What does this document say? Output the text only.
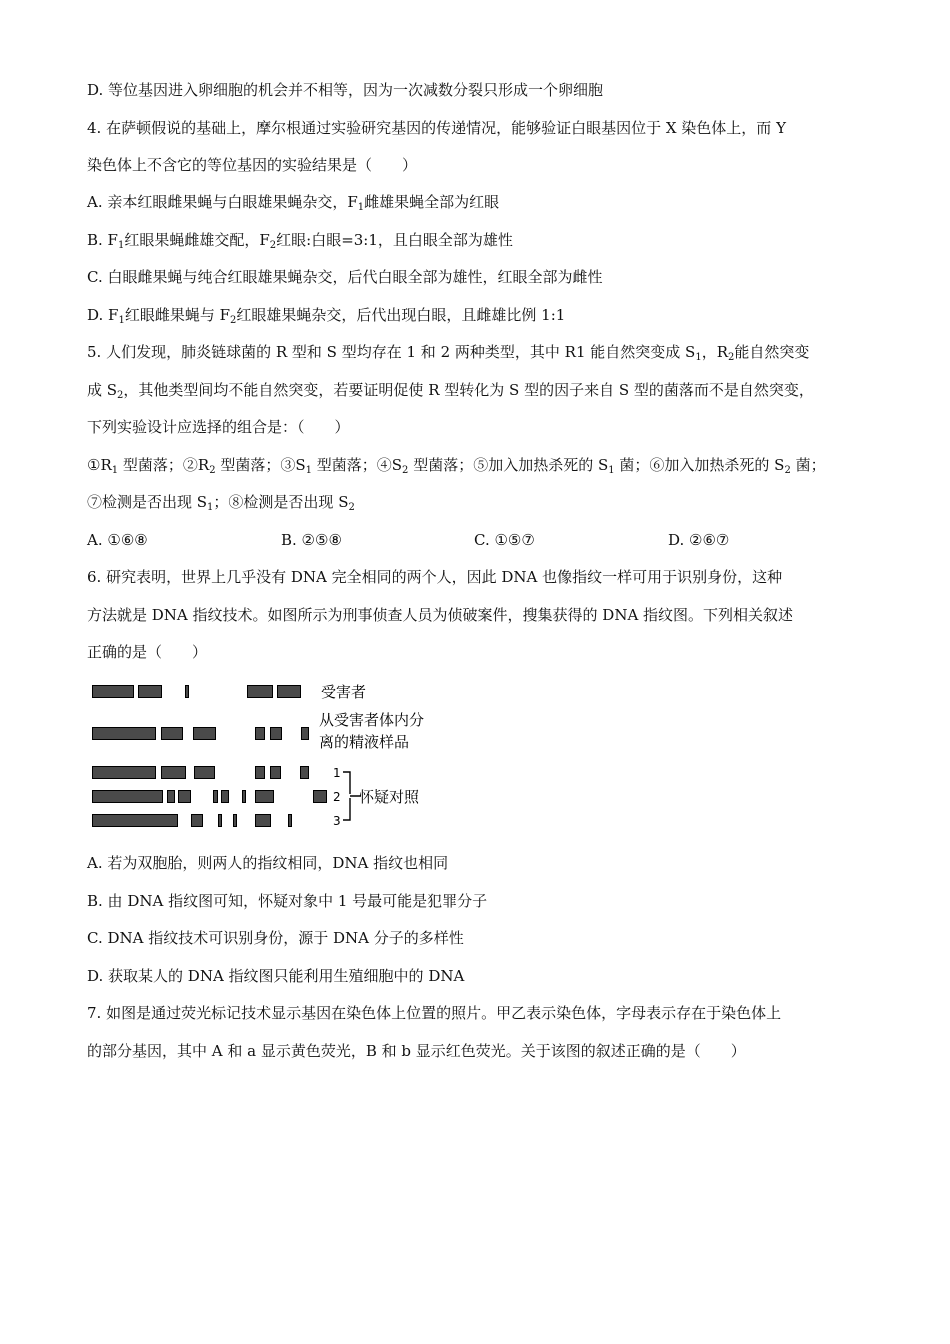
D. 等位基因进入卵细胞的机会并不相等，因为一次减数分裂只形成一个卵细胞
4. 在萨顿假说的基础上，摩尔根通过实验研究基因的传递情况，能够验证白眼基因位于 X 染色体上，而 Y
染色体上不含它的等位基因的实验结果是（　　）
A. 亲本红眼雌果蝇与白眼雄果蝇杂交，$F_1$雌雄果蝇全部为红眼
B. $F_1$红眼果蝇雌雄交配，$F_2$红眼:白眼=3:1，且白眼全部为雄性
C. 白眼雌果蝇与纯合红眼雄果蝇杂交，后代白眼全部为雄性，红眼全部为雌性
D. $F_1$红眼雌果蝇与 $F_2$红眼雄果蝇杂交，后代出现白眼，且雌雄比例 1:1
5. 人们发现，肺炎链球菌的 R 型和 S 型均存在 1 和 2 两种类型，其中 R1 能自然突变成 $S_1$，$R_2$能自然突变
成 $S_2$，其他类型间均不能自然突变，若要证明促使 R 型转化为 S 型的因子来自 S 型的菌落而不是自然突变，
下列实验设计应选择的组合是：（　　）
$①R_1$ 型菌落；$②R_2$ 型菌落；$③S_1$ 型菌落；$④S_2$ 型菌落；⑤加入加热杀死的 $S_1$ 菌；⑥加入加热杀死的 $S_2$ 菌；
⑦检测是否出现 $S_1$；⑧检测是否出现 $S_2$
A. ①⑥⑧	B. ②⑤⑧	C. ①⑤⑦	D. ②⑥⑦
6. 研究表明，世界上几乎没有 DNA 完全相同的两个人，因此 DNA 也像指纹一样可用于识别身份，这种
方法就是 DNA 指纹技术。如图所示为刑事侦查人员为侦破案件，搜集获得的 DNA 指纹图。下列相关叙述
正确的是（　　）
受害者
从受害者体内分
离的精液样品
1
2
3
怀疑对照
A. 若为双胞胎，则两人的指纹相同，DNA 指纹也相同
B. 由 DNA 指纹图可知，怀疑对象中 1 号最可能是犯罪分子
C. DNA 指纹技术可识别身份，源于 DNA 分子的多样性
D. 获取某人的 DNA 指纹图只能利用生殖细胞中的 DNA
7. 如图是通过荧光标记技术显示基因在染色体上位置的照片。甲乙表示染色体，字母表示存在于染色体上
的部分基因，其中 A 和 a 显示黄色荧光，B 和 b 显示红色荧光。关于该图的叙述正确的是（　　）
